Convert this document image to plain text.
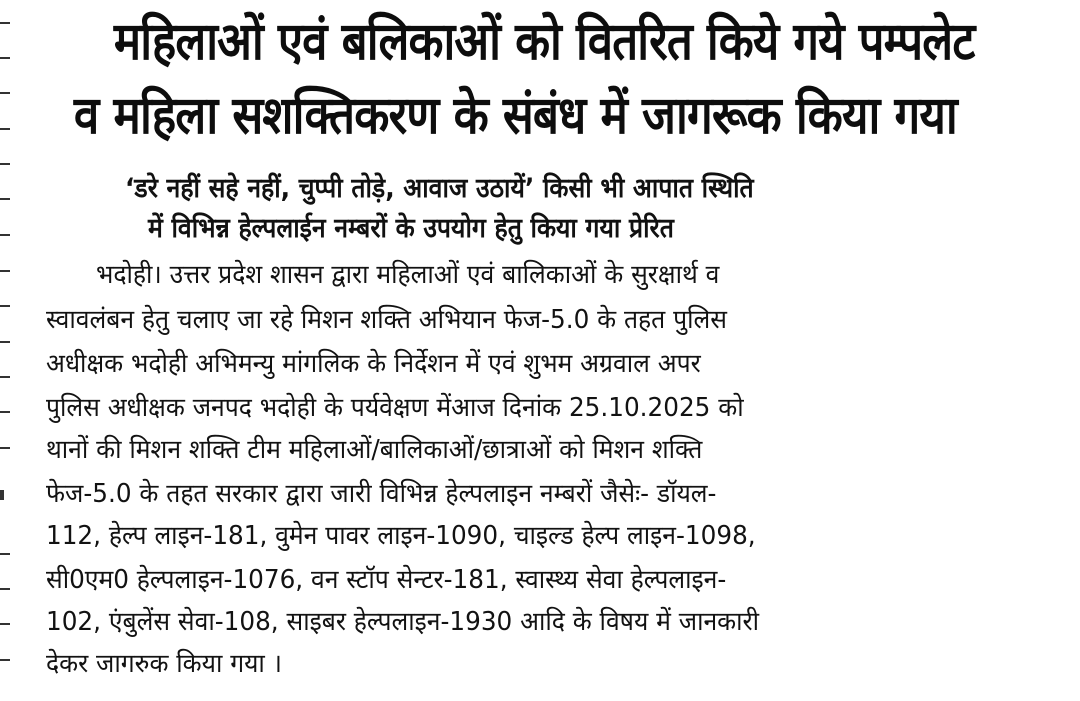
महिलाओं एवं बलिकाओं को वितरित किये गये पम्पलेट
व महिला सशक्तिकरण के संबंध में जागरूक किया गया
‘डरे नहीं सहे नहीं, चुप्पी तोड़े, आवाज उठायें’ किसी भी आपात स्थिति
में विभिन्न हेल्पलाईन नम्बरों के उपयोग हेतु किया गया प्रेरित

भदोही। उत्तर प्रदेश शासन द्वारा महिलाओं एवं बालिकाओं के सुरक्षार्थ व

स्वावलंबन हेतु चलाए जा रहे मिशन शक्ति अभियान फेज-5.0 के तहत पुलिस

अधीक्षक भदोही अभिमन्यु मांगलिक के निर्देशन में एवं शुभम अग्रवाल अपर

पुलिस अधीक्षक जनपद भदोही के पर्यवेक्षण मेंआज दिनांक 25.10.2025 को

थानों की मिशन शक्ति टीम महिलाओं/बालिकाओं/छात्राओं को मिशन शक्ति

फेज-5.0 के तहत सरकार द्वारा जारी विभिन्न हेल्पलाइन नम्बरों जैसेः- डॉयल-

112, हेल्प लाइन-181, वुमेन पावर लाइन-1090, चाइल्ड हेल्प लाइन-1098,

सी0एम0 हेल्पलाइन-1076, वन स्टॉप सेन्टर-181, स्वास्थ्य सेवा हेल्पलाइन-

102, एंबुलेंस सेवा-108, साइबर हेल्पलाइन-1930 आदि के विषय में जानकारी

देकर जागरुक किया गया ।
